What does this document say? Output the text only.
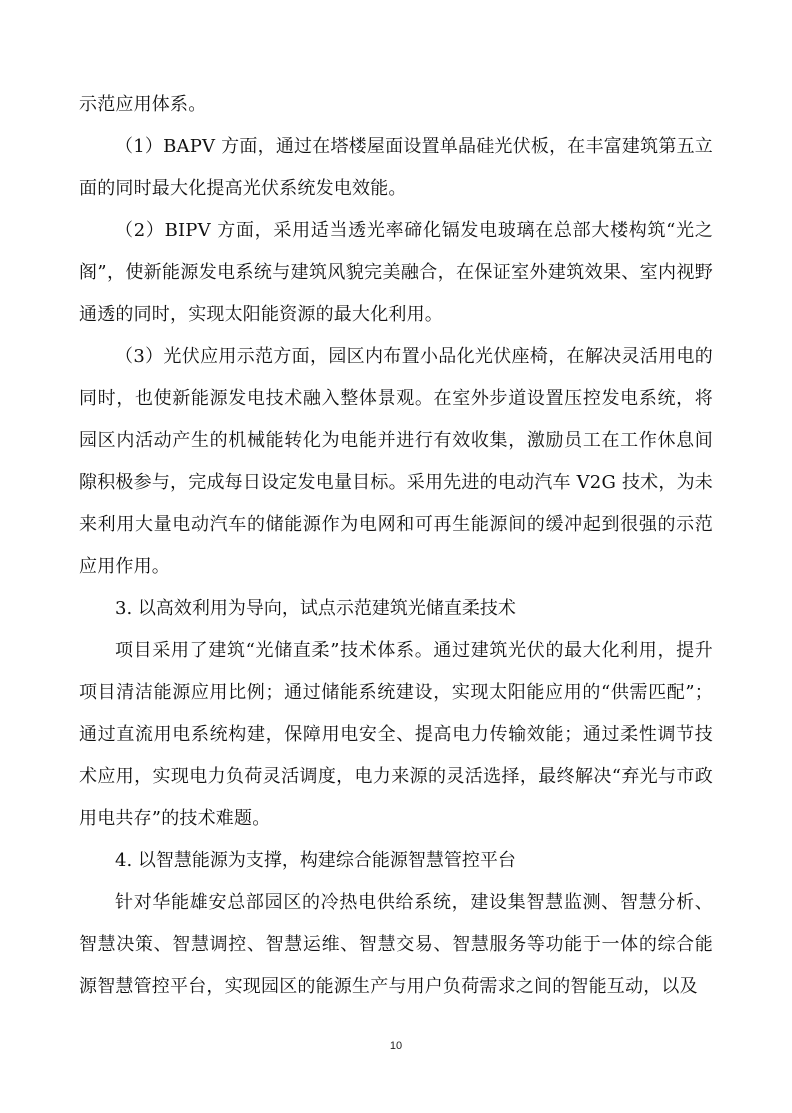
示范应用体系。

（1）BAPV 方面，通过在塔楼屋面设置单晶硅光伏板，在丰富建筑第五立面的同时最大化提高光伏系统发电效能。

（2）BIPV 方面，采用适当透光率碲化镉发电玻璃在总部大楼构筑“光之阁”，使新能源发电系统与建筑风貌完美融合，在保证室外建筑效果、室内视野通透的同时，实现太阳能资源的最大化利用。

（3）光伏应用示范方面，园区内布置小品化光伏座椅，在解决灵活用电的同时，也使新能源发电技术融入整体景观。在室外步道设置压控发电系统，将园区内活动产生的机械能转化为电能并进行有效收集，激励员工在工作休息间隙积极参与，完成每日设定发电量目标。采用先进的电动汽车 V2G 技术，为未来利用大量电动汽车的储能源作为电网和可再生能源间的缓冲起到很强的示范应用作用。

3. 以高效利用为导向，试点示范建筑光储直柔技术

项目采用了建筑“光储直柔”技术体系。通过建筑光伏的最大化利用，提升项目清洁能源应用比例；通过储能系统建设，实现太阳能应用的“供需匹配”；通过直流用电系统构建，保障用电安全、提高电力传输效能；通过柔性调节技术应用，实现电力负荷灵活调度，电力来源的灵活选择，最终解决“弃光与市政用电共存”的技术难题。

4. 以智慧能源为支撑，构建综合能源智慧管控平台

针对华能雄安总部园区的冷热电供给系统，建设集智慧监测、智慧分析、智慧决策、智慧调控、智慧运维、智慧交易、智慧服务等功能于一体的综合能源智慧管控平台，实现园区的能源生产与用户负荷需求之间的智能互动，以及

10
